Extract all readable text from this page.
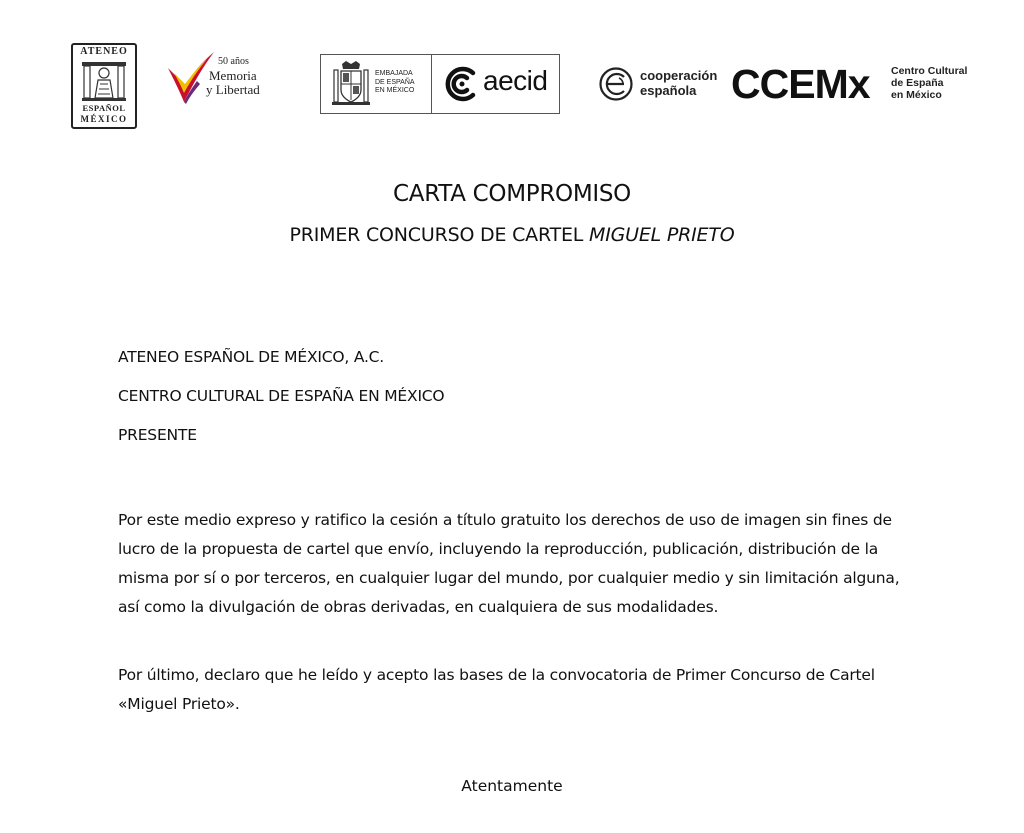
ATENEO
ESPAÑOL
MÉXICO
50 años
Memoria
y Libertad
EMBAJADA
DE ESPAÑA
EN MÉXICO aecid	cooperación
española CCEMx Centro Cultural
de España
en México
CARTA COMPROMISO
PRIMER CONCURSO DE CARTEL MIGUEL PRIETO
ATENEO ESPAÑOL DE MÉXICO, A.C.
CENTRO CULTURAL DE ESPAÑA EN MÉXICO
PRESENTE

Por este medio expreso y ratifico la cesión a título gratuito los derechos de uso de imagen sin fines de lucro de la propuesta de cartel que envío, incluyendo la reproducción, publicación, distribución de la misma por sí o por terceros, en cualquier lugar del mundo, por cualquier medio y sin limitación alguna, así como la divulgación de obras derivadas, en cualquiera de sus modalidades.

Por último, declaro que he leído y acepto las bases de la convocatoria de Primer Concurso de Cartel «Miguel Prieto».

Atentamente
